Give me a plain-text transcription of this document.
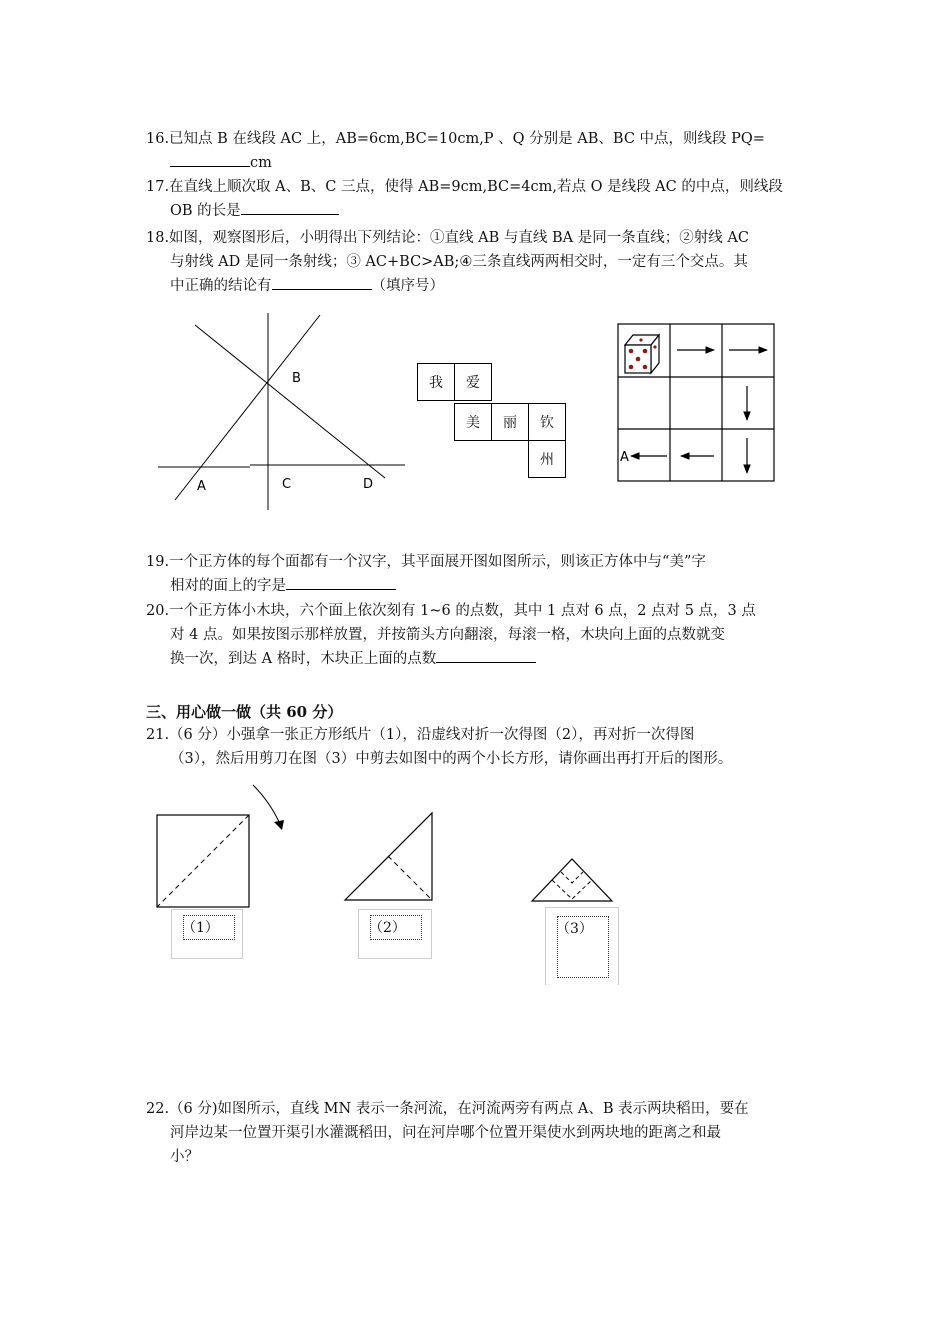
16.已知点 B 在线段 AC 上，AB=6cm,BC=10cm,P 、Q 分别是 AB、BC 中点，则线段 PQ=
cm
17.在直线上顺次取 A、B、C 三点，使得 AB=9cm,BC=4cm,若点 O 是线段 AC 的中点，则线段
OB 的长是
18.如图，观察图形后，小明得出下列结论：①直线 AB 与直线 BA 是同一条直线；②射线 AC
与射线 AD 是同一条射线；③ AC+BC>AB;④三条直线两两相交时，一定有三个交点。其
中正确的结论有	（填序号）
B
A	C	D
我	爱
美	丽	钦
州	A
19.一个正方体的每个面都有一个汉字，其平面展开图如图所示，则该正方体中与“美”字
相对的面上的字是
20.一个正方体小木块，六个面上依次刻有 1~6 的点数，其中 1 点对 6 点，2 点对 5 点，3 点
对 4 点。如果按图示那样放置，并按箭头方向翻滚，每滚一格，木块向上面的点数就变
换一次，到达 A 格时，木块正上面的点数
三、用心做一做（共 60 分）
21.（6 分）小强拿一张正方形纸片（1），沿虚线对折一次得图（2），再对折一次得图
（3），然后用剪刀在图（3）中剪去如图中的两个小长方形，请你画出再打开后的图形。
（1）	（2）	（3）
22.（6 分)如图所示，直线 MN 表示一条河流，在河流两旁有两点 A、B 表示两块稻田，要在
河岸边某一位置开渠引水灌溉稻田，问在河岸哪个位置开渠使水到两块地的距离之和最
小？
